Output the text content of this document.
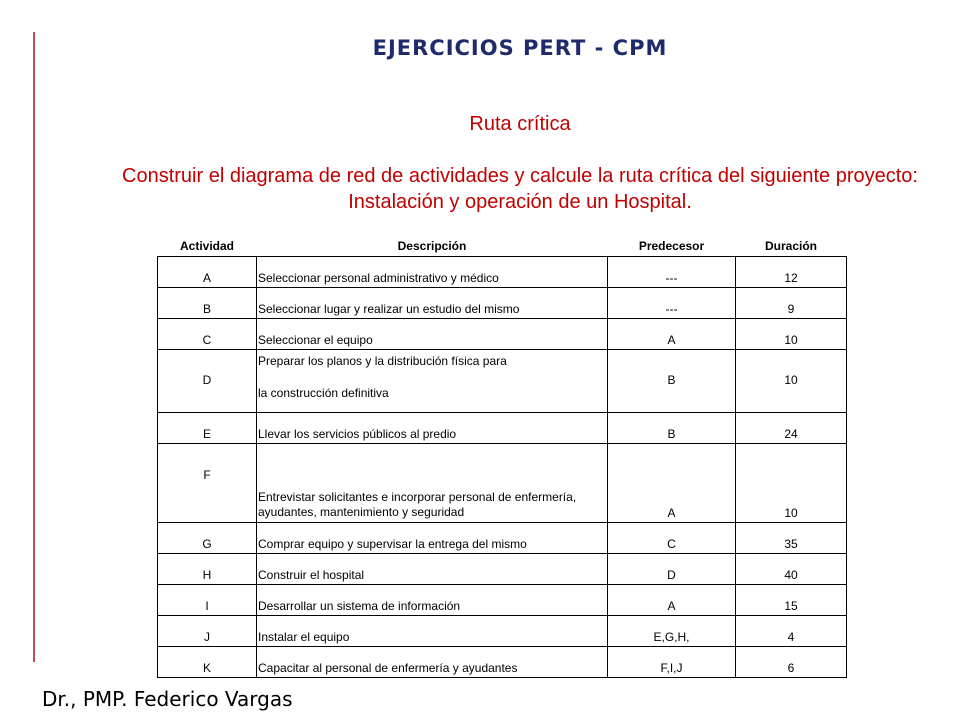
EJERCICIOS PERT - CPM
Ruta crítica
Construir el diagrama de red de actividades y calcule la ruta crítica del siguiente proyecto: Instalación y operación de un Hospital.
Actividad	Descripción	Predecesor	Duración
A	Seleccionar personal administrativo y médico	---	12
B	Seleccionar lugar y realizar un estudio del mismo	---	9
C	Seleccionar el equipo	A	10
D	Preparar los planos y la distribución física para
la construcción definitiva	B	10
E	Llevar los servicios públicos al predio	B	24
F	Entrevistar solicitantes e incorporar personal de enfermería, ayudantes, mantenimiento y seguridad	A	10
G	Comprar equipo y supervisar la entrega del mismo	C	35
H	Construir el hospital	D	40
I	Desarrollar un sistema de información	A	15
J	Instalar el equipo	E,G,H,	4
K	Capacitar al personal de enfermería y ayudantes	F,I,J	6
Dr., PMP. Federico Vargas
